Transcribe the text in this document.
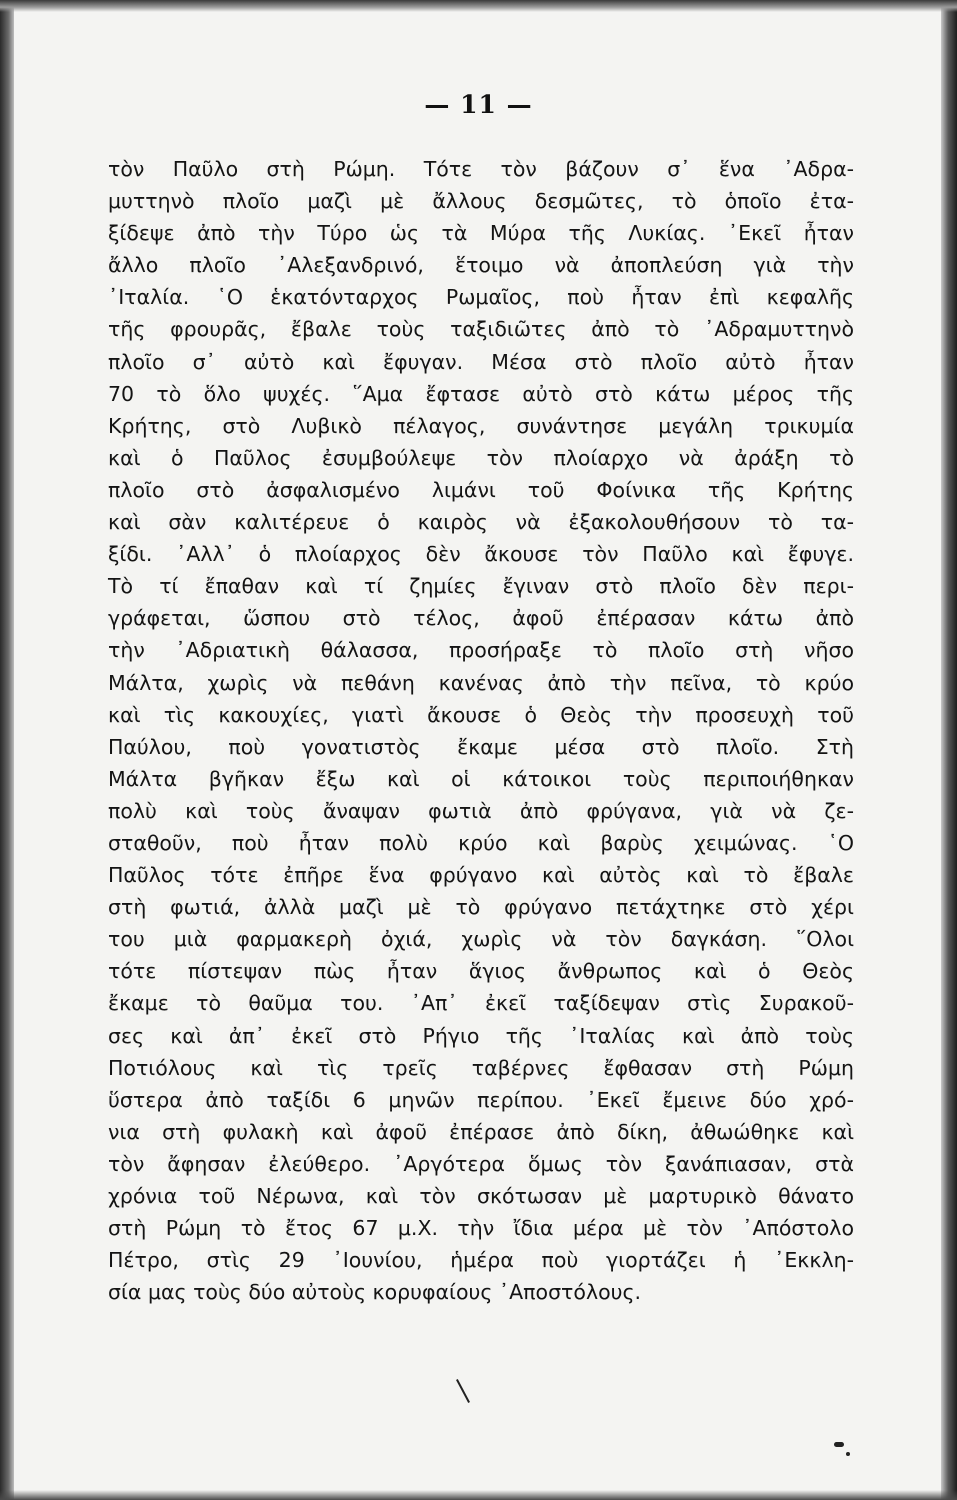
— 11 —
τὸν Παῦλο στὴ Ρώμη. Τότε τὸν βάζουν σ᾽ ἕνα ᾽Αδρα-
μυττηνὸ πλοῖο μαζὶ μὲ ἄλλους δεσμῶτες, τὸ ὁποῖο ἐτα-
ξίδεψε ἀπὸ τὴν Τύρο ὡς τὰ Μύρα τῆς Λυκίας. ᾽Εκεῖ ἦταν
ἄλλο πλοῖο ᾽Αλεξανδρινό, ἕτοιμο νὰ ἀποπλεύση γιὰ τὴν
᾽Ιταλία. ῾Ο ἑκατόνταρχος Ρωμαῖος, ποὺ ἦταν ἐπὶ κεφαλῆς
τῆς φρουρᾶς, ἔβαλε τοὺς ταξιδιῶτες ἀπὸ τὸ ᾽Αδραμυττηνὸ
πλοῖο σ᾽ αὐτὸ καὶ ἔφυγαν. Μέσα στὸ πλοῖο αὐτὸ ἦταν
70 τὸ ὅλο ψυχές. ῞Αμα ἔφτασε αὐτὸ στὸ κάτω μέρος τῆς
Κρήτης, στὸ Λυβικὸ πέλαγος, συνάντησε μεγάλη τρικυμία
καὶ ὁ Παῦλος ἐσυμβούλεψε τὸν πλοίαρχο νὰ ἀράξη τὸ
πλοῖο στὸ ἀσφαλισμένο λιμάνι τοῦ Φοίνικα τῆς Κρήτης
καὶ σὰν καλιτέρευε ὁ καιρὸς νὰ ἐξακολουθήσουν τὸ τα-
ξίδι. ᾽Αλλ᾽ ὁ πλοίαρχος δὲν ἄκουσε τὸν Παῦλο καὶ ἔφυγε.
Τὸ τί ἔπαθαν καὶ τί ζημίες ἔγιναν στὸ πλοῖο δὲν περι-
γράφεται, ὥσπου στὸ τέλος, ἀφοῦ ἐπέρασαν κάτω ἀπὸ
τὴν ᾽Αδριατικὴ θάλασσα, προσήραξε τὸ πλοῖο στὴ νῆσο
Μάλτα, χωρὶς νὰ πεθάνη κανένας ἀπὸ τὴν πεῖνα, τὸ κρύο
καὶ τὶς κακουχίες, γιατὶ ἄκουσε ὁ Θεὸς τὴν προσευχὴ τοῦ
Παύλου, ποὺ γονατιστὸς ἔκαμε μέσα στὸ πλοῖο. Στὴ
Μάλτα βγῆκαν ἔξω καὶ οἱ κάτοικοι τοὺς περιποιήθηκαν
πολὺ καὶ τοὺς ἄναψαν φωτιὰ ἀπὸ φρύγανα, γιὰ νὰ ζε-
σταθοῦν, ποὺ ἦταν πολὺ κρύο καὶ βαρὺς χειμώνας. ῾Ο
Παῦλος τότε ἐπῆρε ἕνα φρύγανο καὶ αὐτὸς καὶ τὸ ἔβαλε
στὴ φωτιά, ἀλλὰ μαζὶ μὲ τὸ φρύγανο πετάχτηκε στὸ χέρι
του μιὰ φαρμακερὴ ὀχιά, χωρὶς νὰ τὸν δαγκάση. ῞Ολοι
τότε πίστεψαν πὼς ἦταν ἅγιος ἄνθρωπος καὶ ὁ Θεὸς
ἔκαμε τὸ θαῦμα του. ᾽Απ᾽ ἐκεῖ ταξίδεψαν στὶς Συρακοῦ-
σες καὶ ἀπ᾽ ἐκεῖ στὸ Ρήγιο τῆς ᾽Ιταλίας καὶ ἀπὸ τοὺς
Ποτιόλους καὶ τὶς τρεῖς ταβέρνες ἔφθασαν στὴ Ρώμη
ὕστερα ἀπὸ ταξίδι 6 μηνῶν περίπου. ᾽Εκεῖ ἔμεινε δύο χρό-
νια στὴ φυλακὴ καὶ ἀφοῦ ἐπέρασε ἀπὸ δίκη, ἀθωώθηκε καὶ
τὸν ἄφησαν ἐλεύθερο. ᾽Αργότερα ὅμως τὸν ξανάπιασαν, στὰ
χρόνια τοῦ Νέρωνα, καὶ τὸν σκότωσαν μὲ μαρτυρικὸ θάνατο
στὴ Ρώμη τὸ ἔτος 67 μ.Χ. τὴν ἴδια μέρα μὲ τὸν ᾽Απόστολο
Πέτρο, στὶς 29 ᾽Ιουνίου, ἡμέρα ποὺ γιορτάζει ἡ ᾽Εκκλη-
σία μας τοὺς δύο αὐτοὺς κορυφαίους ᾽Αποστόλους.
